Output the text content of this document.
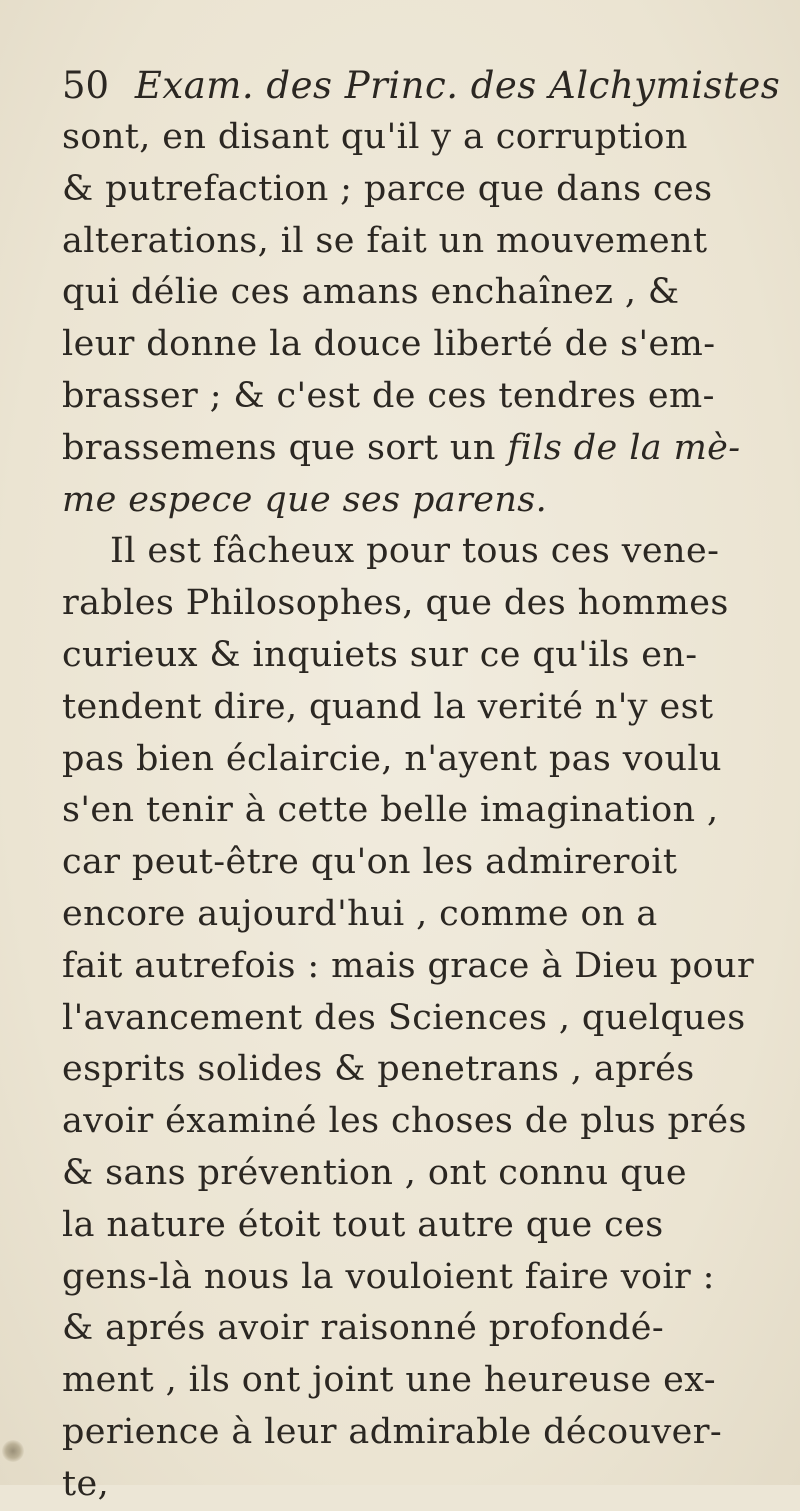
50 Exam. des Princ. des Alchymistes
sont, en disant qu'il y a corruption
& putrefaction ; parce que dans ces
alterations, il se fait un mouvement
qui délie ces amans enchaînez , &
leur donne la douce liberté de s'em-
brasser ; & c'est de ces tendres em-
brassemens que sort un fils de la mè-
me espece que ses parens.
Il est fâcheux pour tous ces vene-
rables Philosophes, que des hommes
curieux & inquiets sur ce qu'ils en-
tendent dire, quand la verité n'y est
pas bien éclaircie, n'ayent pas voulu
s'en tenir à cette belle imagination ,
car peut-être qu'on les admireroit
encore aujourd'hui , comme on a
fait autrefois : mais grace à Dieu pour
l'avancement des Sciences , quelques
esprits solides & penetrans , aprés
avoir éxaminé les choses de plus prés
& sans prévention , ont connu que
la nature étoit tout autre que ces
gens-là nous la vouloient faire voir :
& aprés avoir raisonné profondé-
ment , ils ont joint une heureuse ex-
perience à leur admirable découver-
te,
